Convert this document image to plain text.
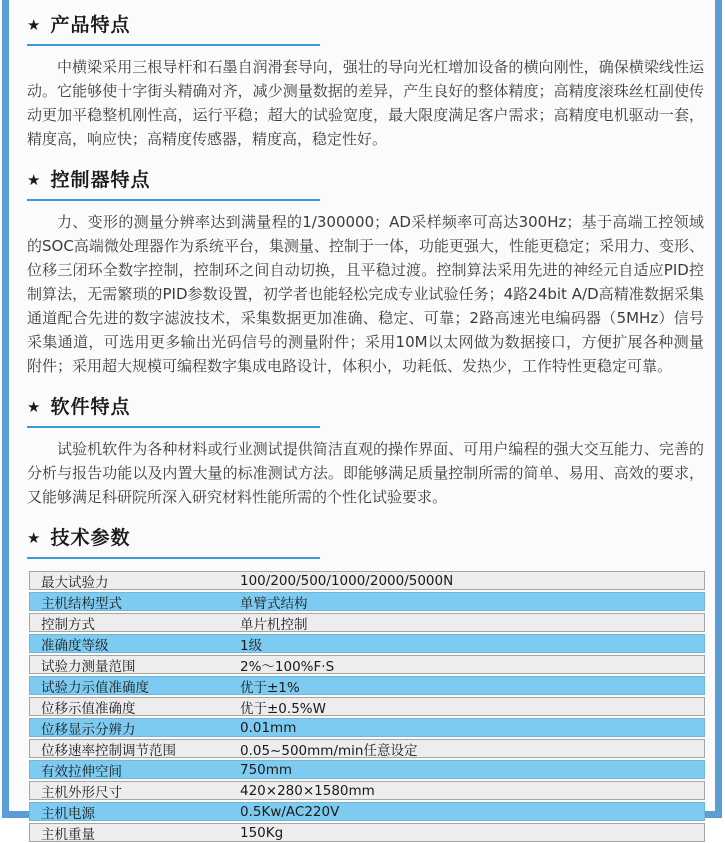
★ 产品特点

中横梁采用三根导杆和石墨自润滑套导向，强壮的导向光杠增加设备的横向刚性，确保横梁线性运动。它能够使十字街头精确对齐，减少测量数据的差异，产生良好的整体精度；高精度滚珠丝杠副使传动更加平稳整机刚性高，运行平稳；超大的试验宽度，最大限度满足客户需求；高精度电机驱动一套，精度高，响应快；高精度传感器，精度高，稳定性好。

★ 控制器特点

力、变形的测量分辨率达到满量程的1/300000；AD采样频率可高达300Hz；基于高端工控领域的SOC高端微处理器作为系统平台，集测量、控制于一体，功能更强大，性能更稳定；采用力、变形、位移三闭环全数字控制，控制环之间自动切换，且平稳过渡。控制算法采用先进的神经元自适应PID控制算法，无需繁琐的PID参数设置，初学者也能轻松完成专业试验任务；4路24bit A/D高精准数据采集通道配合先进的数字滤波技术，采集数据更加准确、稳定、可靠；2路高速光电编码器（5MHz）信号采集通道，可选用更多输出光码信号的测量附件；采用10M以太网做为数据接口，方便扩展各种测量附件；采用超大规模可编程数字集成电路设计，体积小，功耗低、发热少，工作特性更稳定可靠。

★ 软件特点

试验机软件为各种材料或行业测试提供简洁直观的操作界面、可用户编程的强大交互能力、完善的分析与报告功能以及内置大量的标准测试方法。即能够满足质量控制所需的简单、易用、高效的要求，又能够满足科研院所深入研究材料性能所需的个性化试验要求。

★ 技术参数
最大试验力	100/200/500/1000/2000/5000N
主机结构型式	单臂式结构
控制方式	单片机控制
准确度等级	1级
试验力测量范围	2%～100%F·S
试验力示值准确度	优于±1%
位移示值准确度	优于±0.5%W
位移显示分辨力	0.01mm
位移速率控制调节范围	0.05~500mm/min任意设定
有效拉伸空间	750mm
主机外形尺寸	420×280×1580mm
主机电源	0.5Kw/AC220V
主机重量	150Kg
